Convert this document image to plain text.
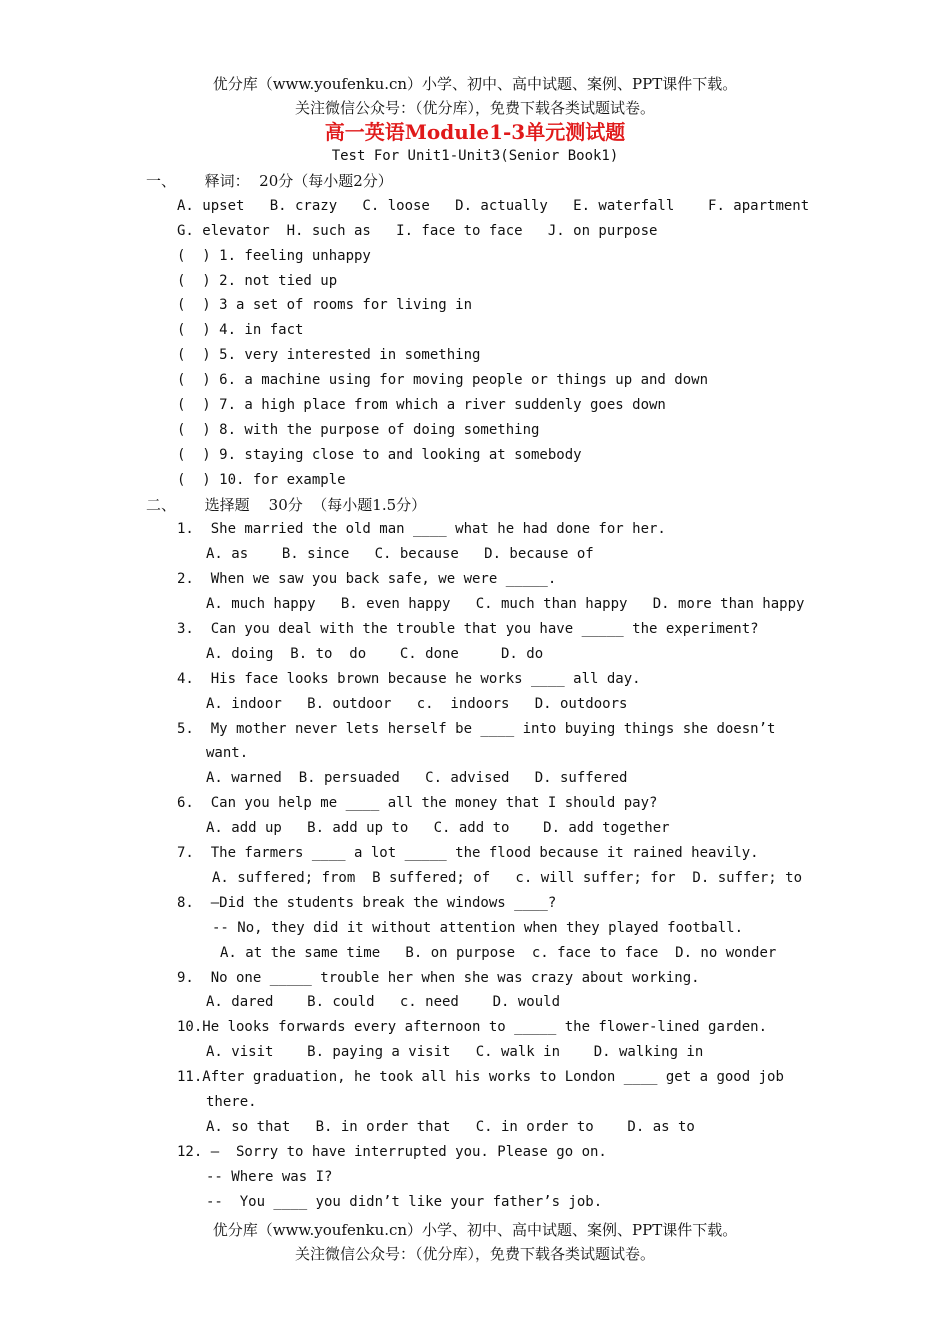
优分库（www.youfenku.cn）小学、初中、高中试题、案例、PPT课件下载。
关注微信公众号：（优分库），免费下载各类试题试卷。
高一英语Module1-3单元测试题
Test For Unit1-Unit3(Senior Book1)
一、      释词：  20分（每小题2分）
A. upset   B. crazy   C. loose   D. actually   E. waterfall    F. apartment
G. elevator  H. such as   I. face to face   J. on purpose
(  ) 1. feeling unhappy
(  ) 2. not tied up
(  ) 3 a set of rooms for living in
(  ) 4. in fact
(  ) 5. very interested in something
(  ) 6. a machine using for moving people or things up and down
(  ) 7. a high place from which a river suddenly goes down
(  ) 8. with the purpose of doing something
(  ) 9. staying close to and looking at somebody
(  ) 10. for example
二、      选择题    30分  （每小题1.5分）
1.  She married the old man ____ what he had done for her.
A. as    B. since   C. because   D. because of
2.  When we saw you back safe, we were _____.
A. much happy   B. even happy   C. much than happy   D. more than happy
3.  Can you deal with the trouble that you have _____ the experiment?
A. doing  B. to  do    C. done     D. do
4.  His face looks brown because he works ____ all day.
A. indoor   B. outdoor   c.  indoors   D. outdoors
5.  My mother never lets herself be ____ into buying things she doesn’t
want.
A. warned  B. persuaded   C. advised   D. suffered
6.  Can you help me ____ all the money that I should pay?
A. add up   B. add up to   C. add to    D. add together
7.  The farmers ____ a lot _____ the flood because it rained heavily.
A. suffered; from  B suffered; of   c. will suffer; for  D. suffer; to
8.  –Did the students break the windows ____?
-- No, they did it without attention when they played football.
A. at the same time   B. on purpose  c. face to face  D. no wonder
9.  No one _____ trouble her when she was crazy about working.
A. dared    B. could   c. need    D. would
10.He looks forwards every afternoon to _____ the flower-lined garden.
A. visit    B. paying a visit   C. walk in    D. walking in
11.After graduation, he took all his works to London ____ get a good job
there.
A. so that   B. in order that   C. in order to    D. as to
12. –  Sorry to have interrupted you. Please go on.
-- Where was I?
--  You ____ you didn’t like your father’s job.
优分库（www.youfenku.cn）小学、初中、高中试题、案例、PPT课件下载。
关注微信公众号：（优分库），免费下载各类试题试卷。
